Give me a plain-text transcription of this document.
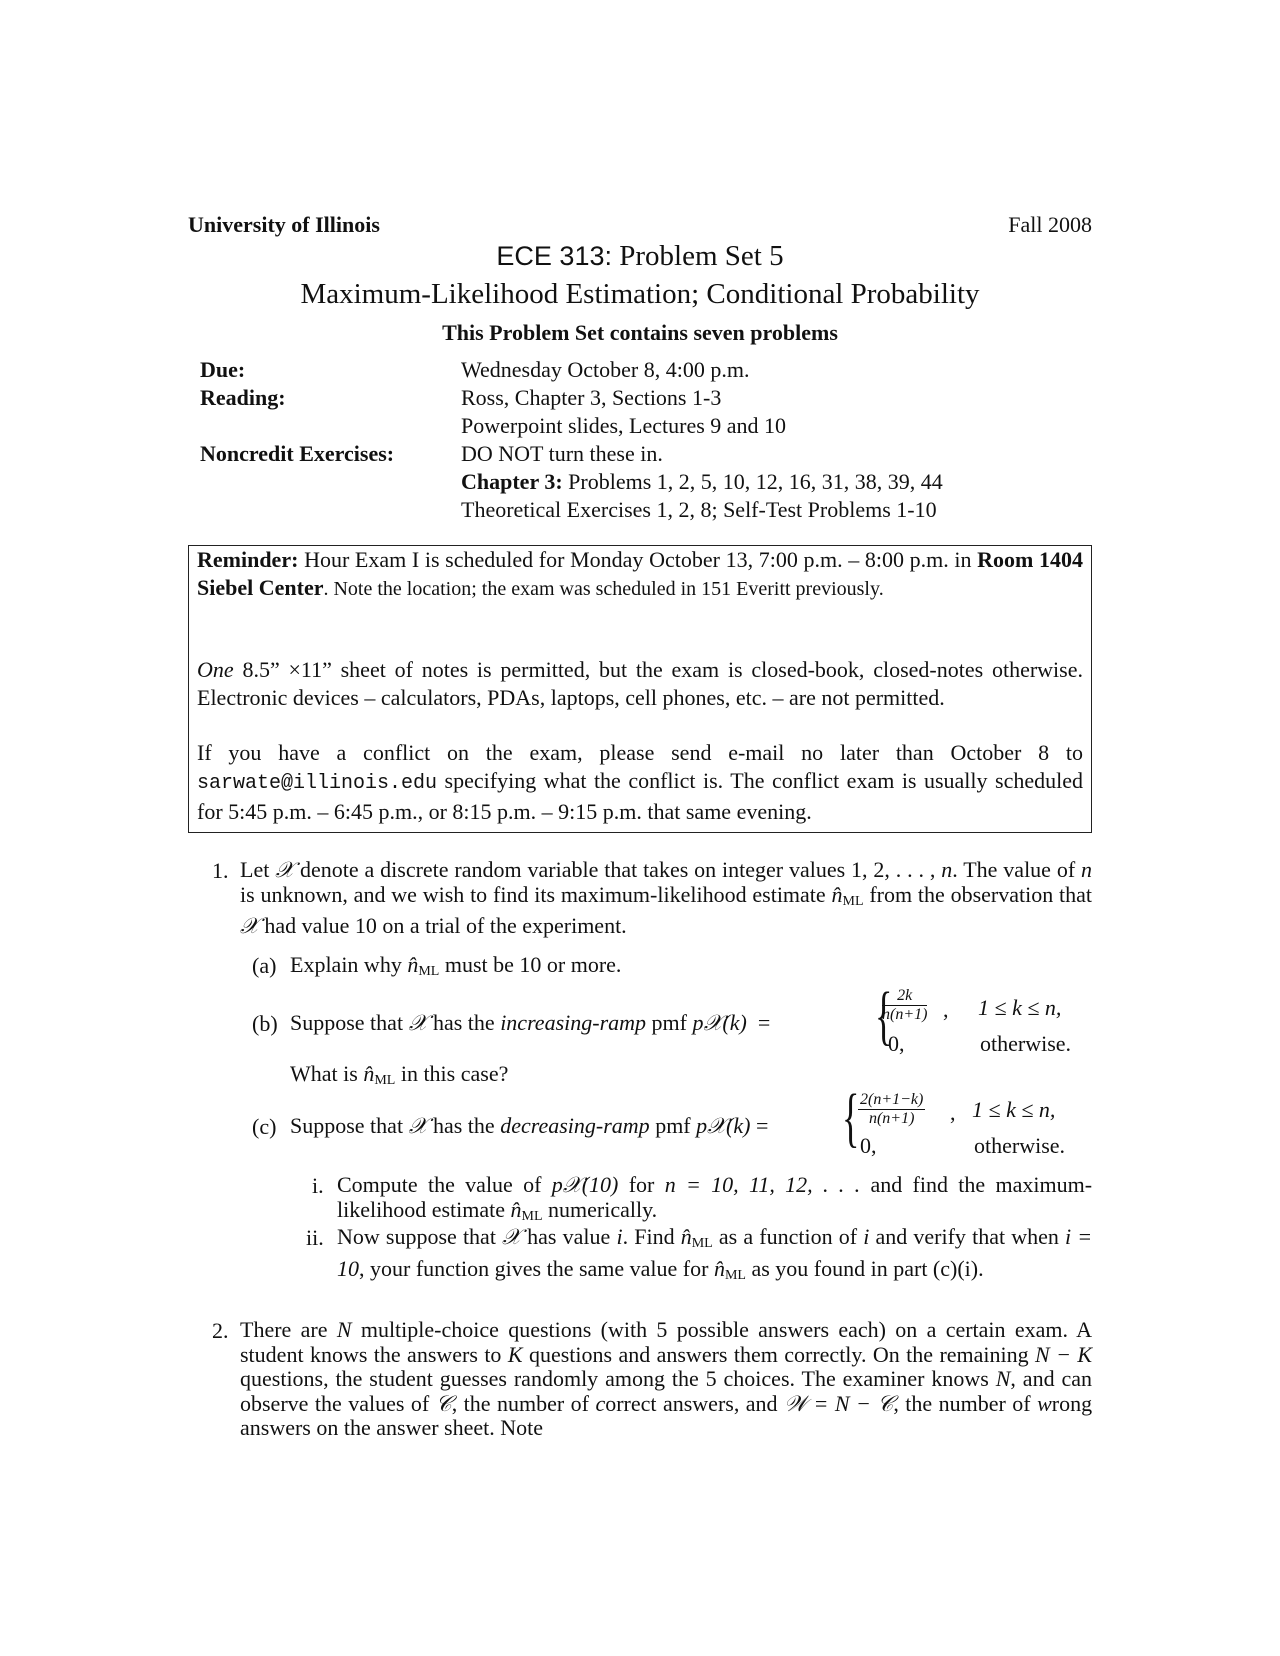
University of Illinois	Fall 2008
ECE 313: Problem Set 5
Maximum-Likelihood Estimation; Conditional Probability
This Problem Set contains seven problems
Due:	Wednesday October 8, 4:00 p.m.
Reading:	Ross, Chapter 3, Sections 1-3
Powerpoint slides, Lectures 9 and 10
Noncredit Exercises:	DO NOT turn these in.
Chapter 3: Problems 1, 2, 5, 10, 12, 16, 31, 38, 39, 44
Theoretical Exercises 1, 2, 8; Self-Test Problems 1-10
Reminder: Hour Exam I is scheduled for Monday October 13, 7:00 p.m. – 8:00 p.m. in Room 1404 Siebel Center. Note the location; the exam was scheduled in 151 Everitt previously.
One 8.5” ×11” sheet of notes is permitted, but the exam is closed-book, closed-notes otherwise. Electronic devices – calculators, PDAs, laptops, cell phones, etc. – are not permitted.
If you have a conflict on the exam, please send e-mail no later than October 8 to sarwate@illinois.edu specifying what the conflict is. The conflict exam is usually scheduled for 5:45 p.m. – 6:45 p.m., or 8:15 p.m. – 9:15 p.m. that same evening.
1. Let 𝒳 denote a discrete random variable that takes on integer values 1, 2, . . . , n. The value of n is unknown, and we wish to find its maximum-likelihood estimate n̂ML from the observation that 𝒳 had value 10 on a trial of the experiment.
(a) Explain why n̂ML must be 10 or more.
(b) Suppose that 𝒳 has the increasing-ramp pmf p𝒳(k) = {
$\frac{2k}{n(n+1)}$ , 1 ≤ k ≤ n,
0,	otherwise.
What is n̂ML in this case?
(c) Suppose that 𝒳 has the decreasing-ramp pmf p𝒳(k) = {
$\frac{2(n+1-k)}{n(n+1)}$ , 1 ≤ k ≤ n,
0,	otherwise.
i. Compute the value of p𝒳(10) for n = 10, 11, 12, . . . and find the maximum-likelihood estimate n̂ML numerically.
ii. Now suppose that 𝒳 has value i. Find n̂ML as a function of i and verify that when i = 10, your function gives the same value for n̂ML as you found in part (c)(i).
2. There are N multiple-choice questions (with 5 possible answers each) on a certain exam. A student knows the answers to K questions and answers them correctly. On the remaining N − K questions, the student guesses randomly among the 5 choices. The examiner knows N, and can observe the values of 𝒞, the number of correct answers, and 𝒲 = N − 𝒞, the number of wrong answers on the answer sheet. Note
